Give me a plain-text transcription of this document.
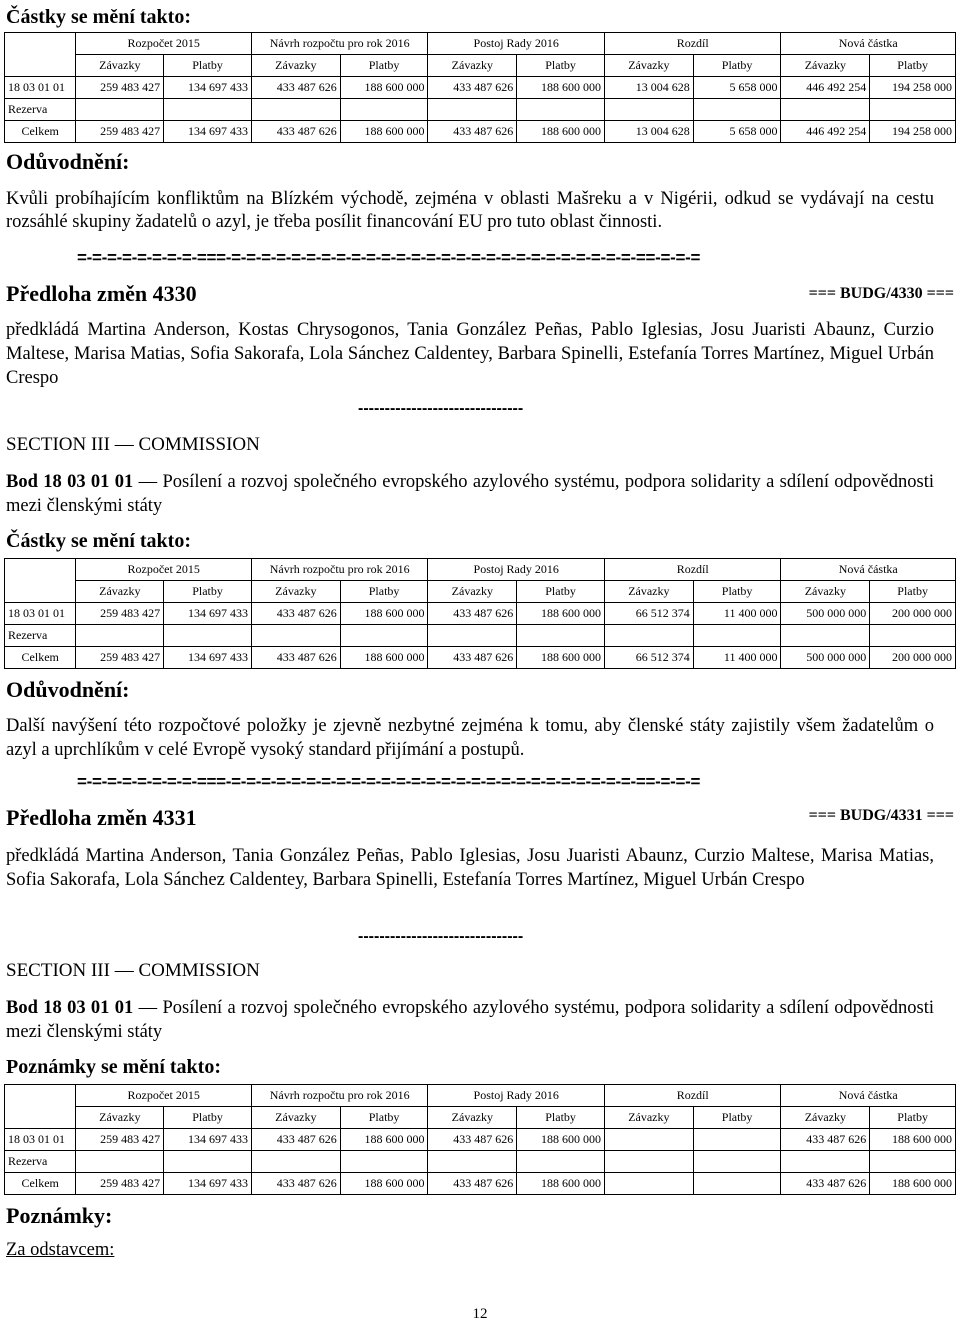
Částky se mění takto:
	Rozpočet 2015		Návrh rozpočtu pro rok 2016		Postoj Rady 2016		Rozdíl		Nová částka	
	Závazky	Platby	Závazky	Platby	Závazky	Platby	Závazky	Platby	Závazky	Platby
18 03 01 01	259 483 427	134 697 433	433 487 626	188 600 000	433 487 626	188 600 000	13 004 628	5 658 000	446 492 254	194 258 000
Rezerva										
Celkem	259 483 427	134 697 433	433 487 626	188 600 000	433 487 626	188 600 000	13 004 628	5 658 000	446 492 254	194 258 000
Odůvodnění:
Kvůli probíhajícím konfliktům na Blízkém východě, zejména v oblasti Mašreku a v Nigérii, odkud se vydávají na cestu rozsáhlé skupiny žadatelů o azyl, je třeba posílit financování EU pro tuto oblast činnosti.
=-=-=-=-=-=-=-=-===-=-=-=-=-=-=-=-=-=-=-=-=-=-=-=-=-=-=-=-=-=-=-=-=-=-=-=-==-=-=-=
Předloha změn 4330	=== BUDG/4330 ===
předkládá Martina Anderson, Kostas Chrysogonos, Tania González Peñas, Pablo Iglesias, Josu Juaristi Abaunz, Curzio Maltese, Marisa Matias, Sofia Sakorafa, Lola Sánchez Caldentey, Barbara Spinelli, Estefanía Torres Martínez, Miguel Urbán Crespo
-------------------------------
SECTION III — COMMISSION
Bod 18 03 01 01 — Posílení a rozvoj společného evropského azylového systému, podpora solidarity a sdílení odpovědnosti mezi členskými státy
Částky se mění takto:
	Rozpočet 2015		Návrh rozpočtu pro rok 2016		Postoj Rady 2016		Rozdíl		Nová částka	
	Závazky	Platby	Závazky	Platby	Závazky	Platby	Závazky	Platby	Závazky	Platby
18 03 01 01	259 483 427	134 697 433	433 487 626	188 600 000	433 487 626	188 600 000	66 512 374	11 400 000	500 000 000	200 000 000
Rezerva										
Celkem	259 483 427	134 697 433	433 487 626	188 600 000	433 487 626	188 600 000	66 512 374	11 400 000	500 000 000	200 000 000
Odůvodnění:
Další navýšení této rozpočtové položky je zjevně nezbytné zejména k tomu, aby členské státy zajistily všem žadatelům o azyl a uprchlíkům v celé Evropě vysoký standard přijímání a postupů.
=-=-=-=-=-=-=-=-===-=-=-=-=-=-=-=-=-=-=-=-=-=-=-=-=-=-=-=-=-=-=-=-=-=-=-=-==-=-=-=
Předloha změn 4331	=== BUDG/4331 ===
předkládá Martina Anderson, Tania González Peñas, Pablo Iglesias, Josu Juaristi Abaunz, Curzio Maltese, Marisa Matias, Sofia Sakorafa, Lola Sánchez Caldentey, Barbara Spinelli, Estefanía Torres Martínez, Miguel Urbán Crespo
-------------------------------
SECTION III — COMMISSION
Bod 18 03 01 01 — Posílení a rozvoj společného evropského azylového systému, podpora solidarity a sdílení odpovědnosti mezi členskými státy
Poznámky se mění takto:
	Rozpočet 2015		Návrh rozpočtu pro rok 2016		Postoj Rady 2016		Rozdíl		Nová částka	
	Závazky	Platby	Závazky	Platby	Závazky	Platby	Závazky	Platby	Závazky	Platby
18 03 01 01	259 483 427	134 697 433	433 487 626	188 600 000	433 487 626	188 600 000			433 487 626	188 600 000
Rezerva										
Celkem	259 483 427	134 697 433	433 487 626	188 600 000	433 487 626	188 600 000			433 487 626	188 600 000
Poznámky:
Za odstavcem:
12
